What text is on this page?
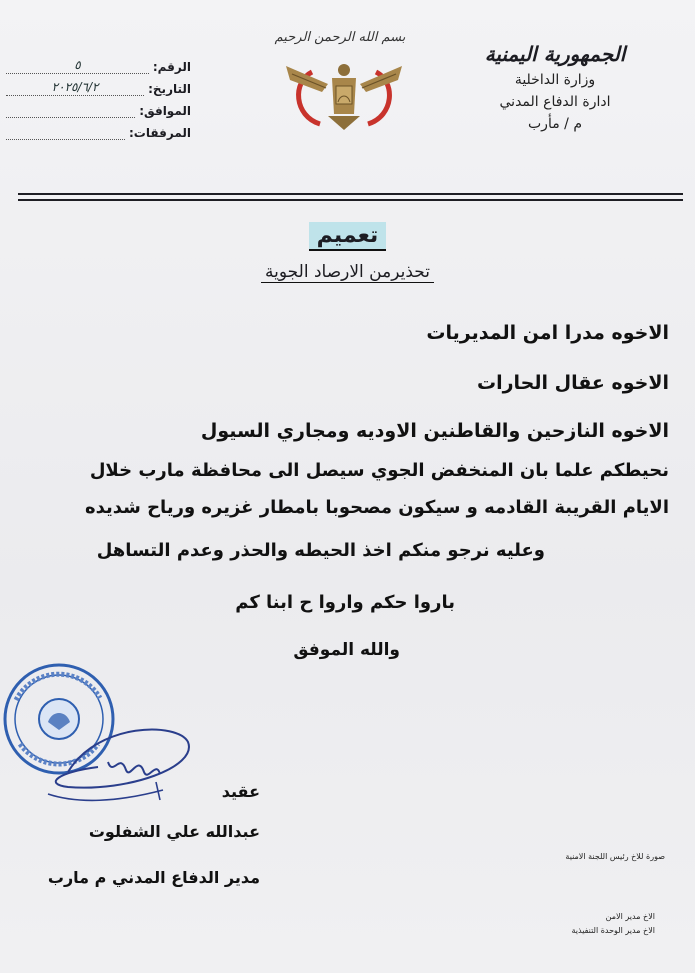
بسم الله الرحمن الرحيم
الجمهورية اليمنية
وزارة الداخلية
ادارة الدفاع المدني
م / مأرب
الرقم:
٥
التاريخ:
٢٠٢٥/٦/٢
الموافق:
المرفقات:
تعميم
تحذيرمن الارصاد الجوية
الاخوه مدرا امن المديريات
الاخوه عقال الحارات
الاخوه النازحين والقاطنين الاوديه ومجاري السيول
نحيطكم علما بان المنخفض الجوي سيصل الى محافظة مارب خلال
الايام القريبة القادمه و سيكون مصحوبا بامطار غزيره ورياح شديده
وعليه نرجو منكم اخذ الحيطه والحذر وعدم التساهل
باروا حكم واروا ح ابنا كم
والله الموفق
عقيد
عبدالله علي الشفلوت
مدير الدفاع المدني م مارب
صورة للاخ رئيس اللجنة الامنية
الاخ مدير الامن
الاخ مدير الوحدة التنفيذية
